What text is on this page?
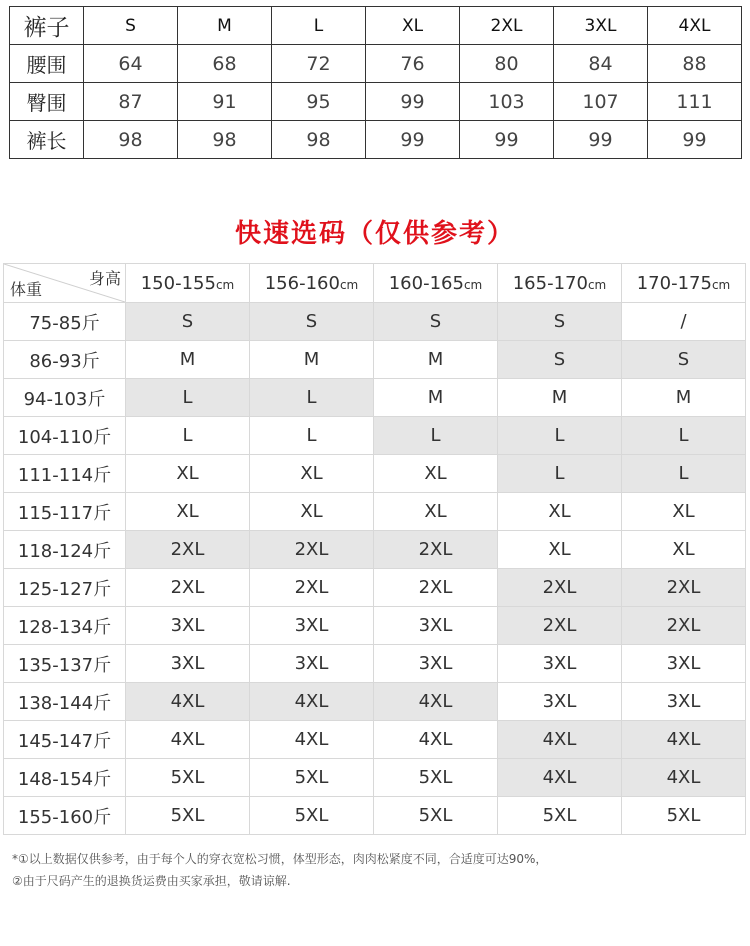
裤子	S	M	L	XL	2XL	3XL	4XL
腰围	64	68	72	76	80	84	88
臀围	87	91	95	99	103	107	111
裤长	98	98	98	99	99	99	99
快速选码（仅供参考）
身高
体重	150-155cm	156-160cm	160-165cm	165-170cm	170-175cm
75-85斤	S	S	S	S	/
86-93斤	M	M	M	S	S
94-103斤	L	L	M	M	M
104-110斤	L	L	L	L	L
111-114斤	XL	XL	XL	L	L
115-117斤	XL	XL	XL	XL	XL
118-124斤	2XL	2XL	2XL	XL	XL
125-127斤	2XL	2XL	2XL	2XL	2XL
128-134斤	3XL	3XL	3XL	2XL	2XL
135-137斤	3XL	3XL	3XL	3XL	3XL
138-144斤	4XL	4XL	4XL	3XL	3XL
145-147斤	4XL	4XL	4XL	4XL	4XL
148-154斤	5XL	5XL	5XL	4XL	4XL
155-160斤	5XL	5XL	5XL	5XL	5XL
*①以上数据仅供参考，由于每个人的穿衣宽松习惯，体型形态，肉肉松紧度不同，合适度可达90%，
②由于尺码产生的退换货运费由买家承担，敬请谅解.
